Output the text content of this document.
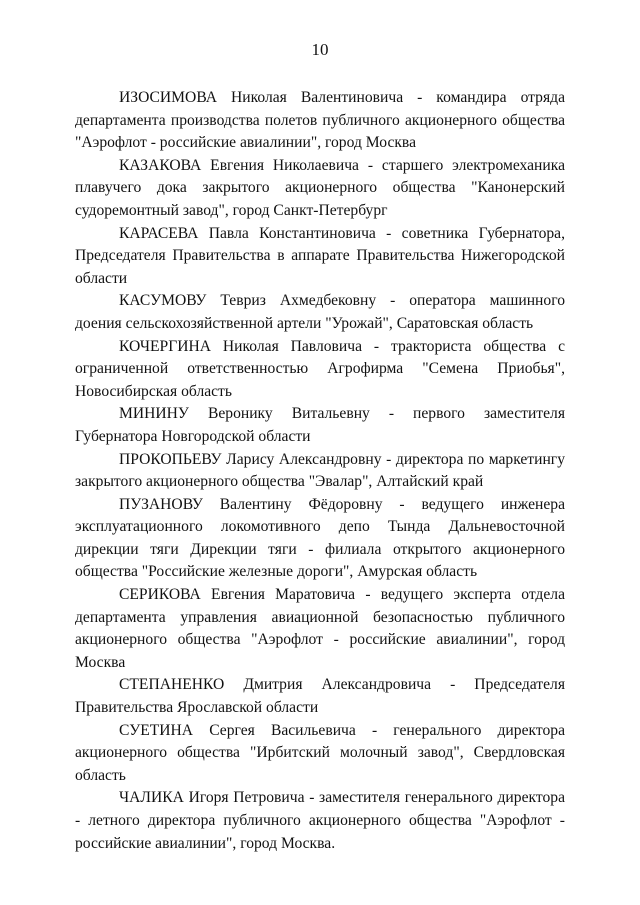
10

ИЗОСИМОВА Николая Валентиновича - командира отряда департамента производства полетов публичного акционерного общества "Аэрофлот - российские авиалинии", город Москва

КАЗАКОВА Евгения Николаевича - старшего электромеханика плавучего дока закрытого акционерного общества "Канонерский судоремонтный завод", город Санкт-Петербург

КАРАСЕВА Павла Константиновича - советника Губернатора, Председателя Правительства в аппарате Правительства Нижегородской области

КАСУМОВУ Тевриз Ахмедбековну - оператора машинного доения сельскохозяйственной артели "Урожай", Саратовская область

КОЧЕРГИНА Николая Павловича - тракториста общества с ограниченной ответственностью Агрофирма "Семена Приобья", Новосибирская область

МИНИНУ Веронику Витальевну - первого заместителя Губернатора Новгородской области

ПРОКОПЬЕВУ Ларису Александровну - директора по маркетингу закрытого акционерного общества "Эвалар", Алтайский край

ПУЗАНОВУ Валентину Фёдоровну - ведущего инженера эксплуатационного локомотивного депо Тында Дальневосточной дирекции тяги Дирекции тяги - филиала открытого акционерного общества "Российские железные дороги", Амурская область

СЕРИКОВА Евгения Маратовича - ведущего эксперта отдела департамента управления авиационной безопасностью публичного акционерного общества "Аэрофлот - российские авиалинии", город Москва

СТЕПАНЕНКО Дмитрия Александровича - Председателя Правительства Ярославской области

СУЕТИНА Сергея Васильевича - генерального директора акционерного общества "Ирбитский молочный завод", Свердловская область

ЧАЛИКА Игоря Петровича - заместителя генерального директора - летного директора публичного акционерного общества "Аэрофлот - российские авиалинии", город Москва.
